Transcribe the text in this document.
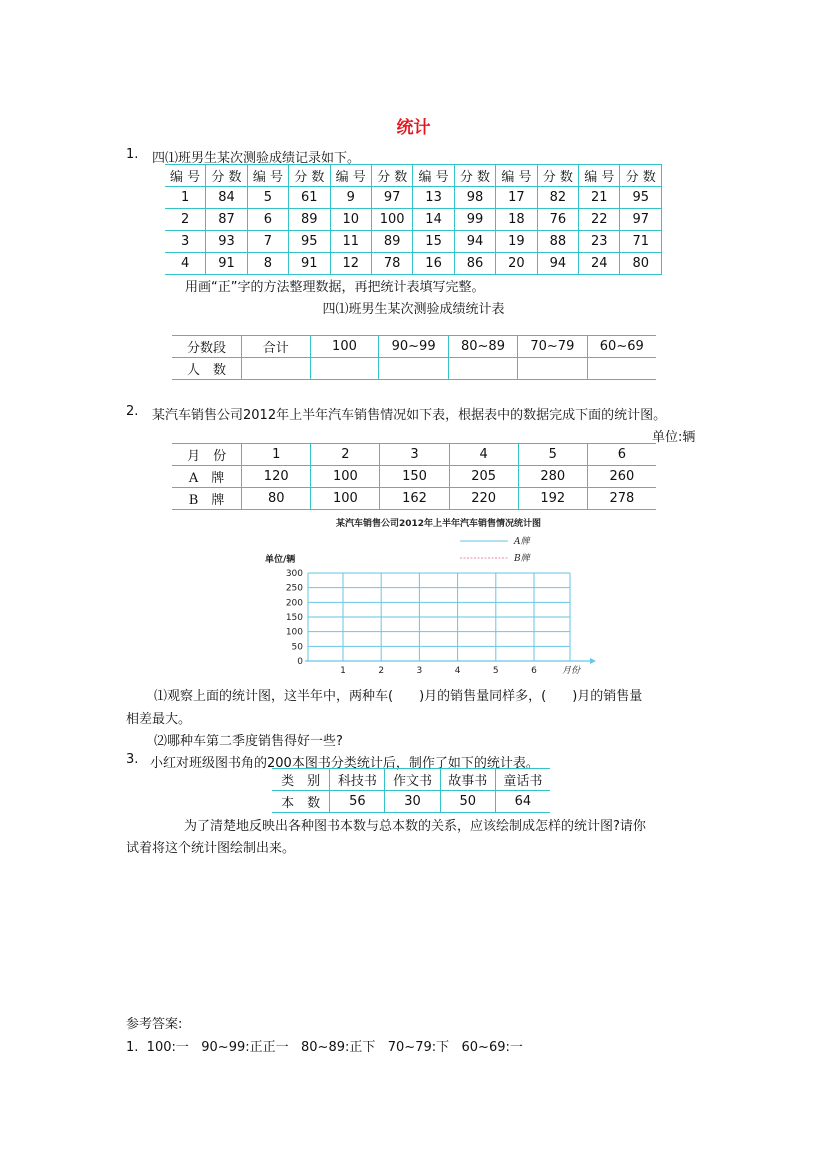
统计
1. 四⑴班男生某次测验成绩记录如下。
编 号	分 数	编 号	分 数	编 号	分 数	编 号	分 数	编 号	分 数	编 号	分 数
1	84	5	61	9	97	13	98	17	82	21	95
2	87	6	89	10	100	14	99	18	76	22	97
3	93	7	95	11	89	15	94	19	88	23	71
4	91	8	91	12	78	16	86	20	94	24	80
用画“正”字的方法整理数据，再把统计表填写完整。
四⑴班男生某次测验成绩统计表
分数段	合计	100	90~99	80~89	70~79	60~69
人　数						
2. 某汽车销售公司2012年上半年汽车销售情况如下表，根据表中的数据完成下面的统计图。
单位:辆
月　份	1	2	3	4	5	6
A　牌	120	100	150	205	280	260
B　牌	80	100	162	220	192	278
某汽车销售公司2012年上半年汽车销售情况统计图
0
50
100
150
200
250
300
1	2	3	4	5	6
A牌
B牌
单位/辆
月份
⑴观察上面的统计图，这半年中，两种车(　　)月的销售量同样多，(　　)月的销售量
相差最大。
⑵哪种车第二季度销售得好一些?
3. 小红对班级图书角的200本图书分类统计后，制作了如下的统计表。
类　别	科技书	作文书	故事书	童话书
本　数	56	30	50	64
为了清楚地反映出各种图书本数与总本数的关系，应该绘制成怎样的统计图?请你
试着将这个统计图绘制出来。
参考答案:
1.  100:一   90~99:正正一   80~89:正下   70~79:下   60~69:一
